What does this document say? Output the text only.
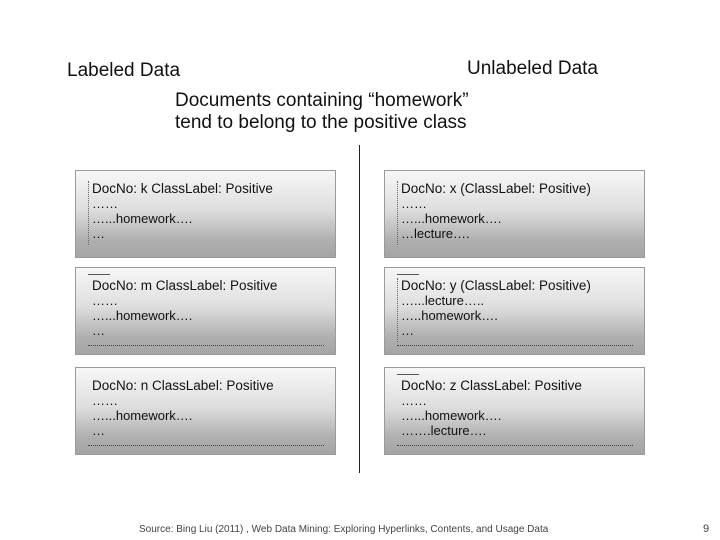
Labeled Data	Unlabeled Data
Documents containing “homework”
tend to belong to the positive class
DocNo: k ClassLabel: Positive
……
…...homework….
…
DocNo: m ClassLabel: Positive
……
…...homework….
…
DocNo: n ClassLabel: Positive
……
…...homework….
…
DocNo: x (ClassLabel: Positive)
……
…...homework….
…lecture….
DocNo: y (ClassLabel: Positive)
…...lecture…..
…..homework….
…
DocNo: z ClassLabel: Positive
……
…...homework….
…….lecture….
Source: Bing Liu (2011) , Web Data Mining: Exploring Hyperlinks, Contents, and Usage Data	9
